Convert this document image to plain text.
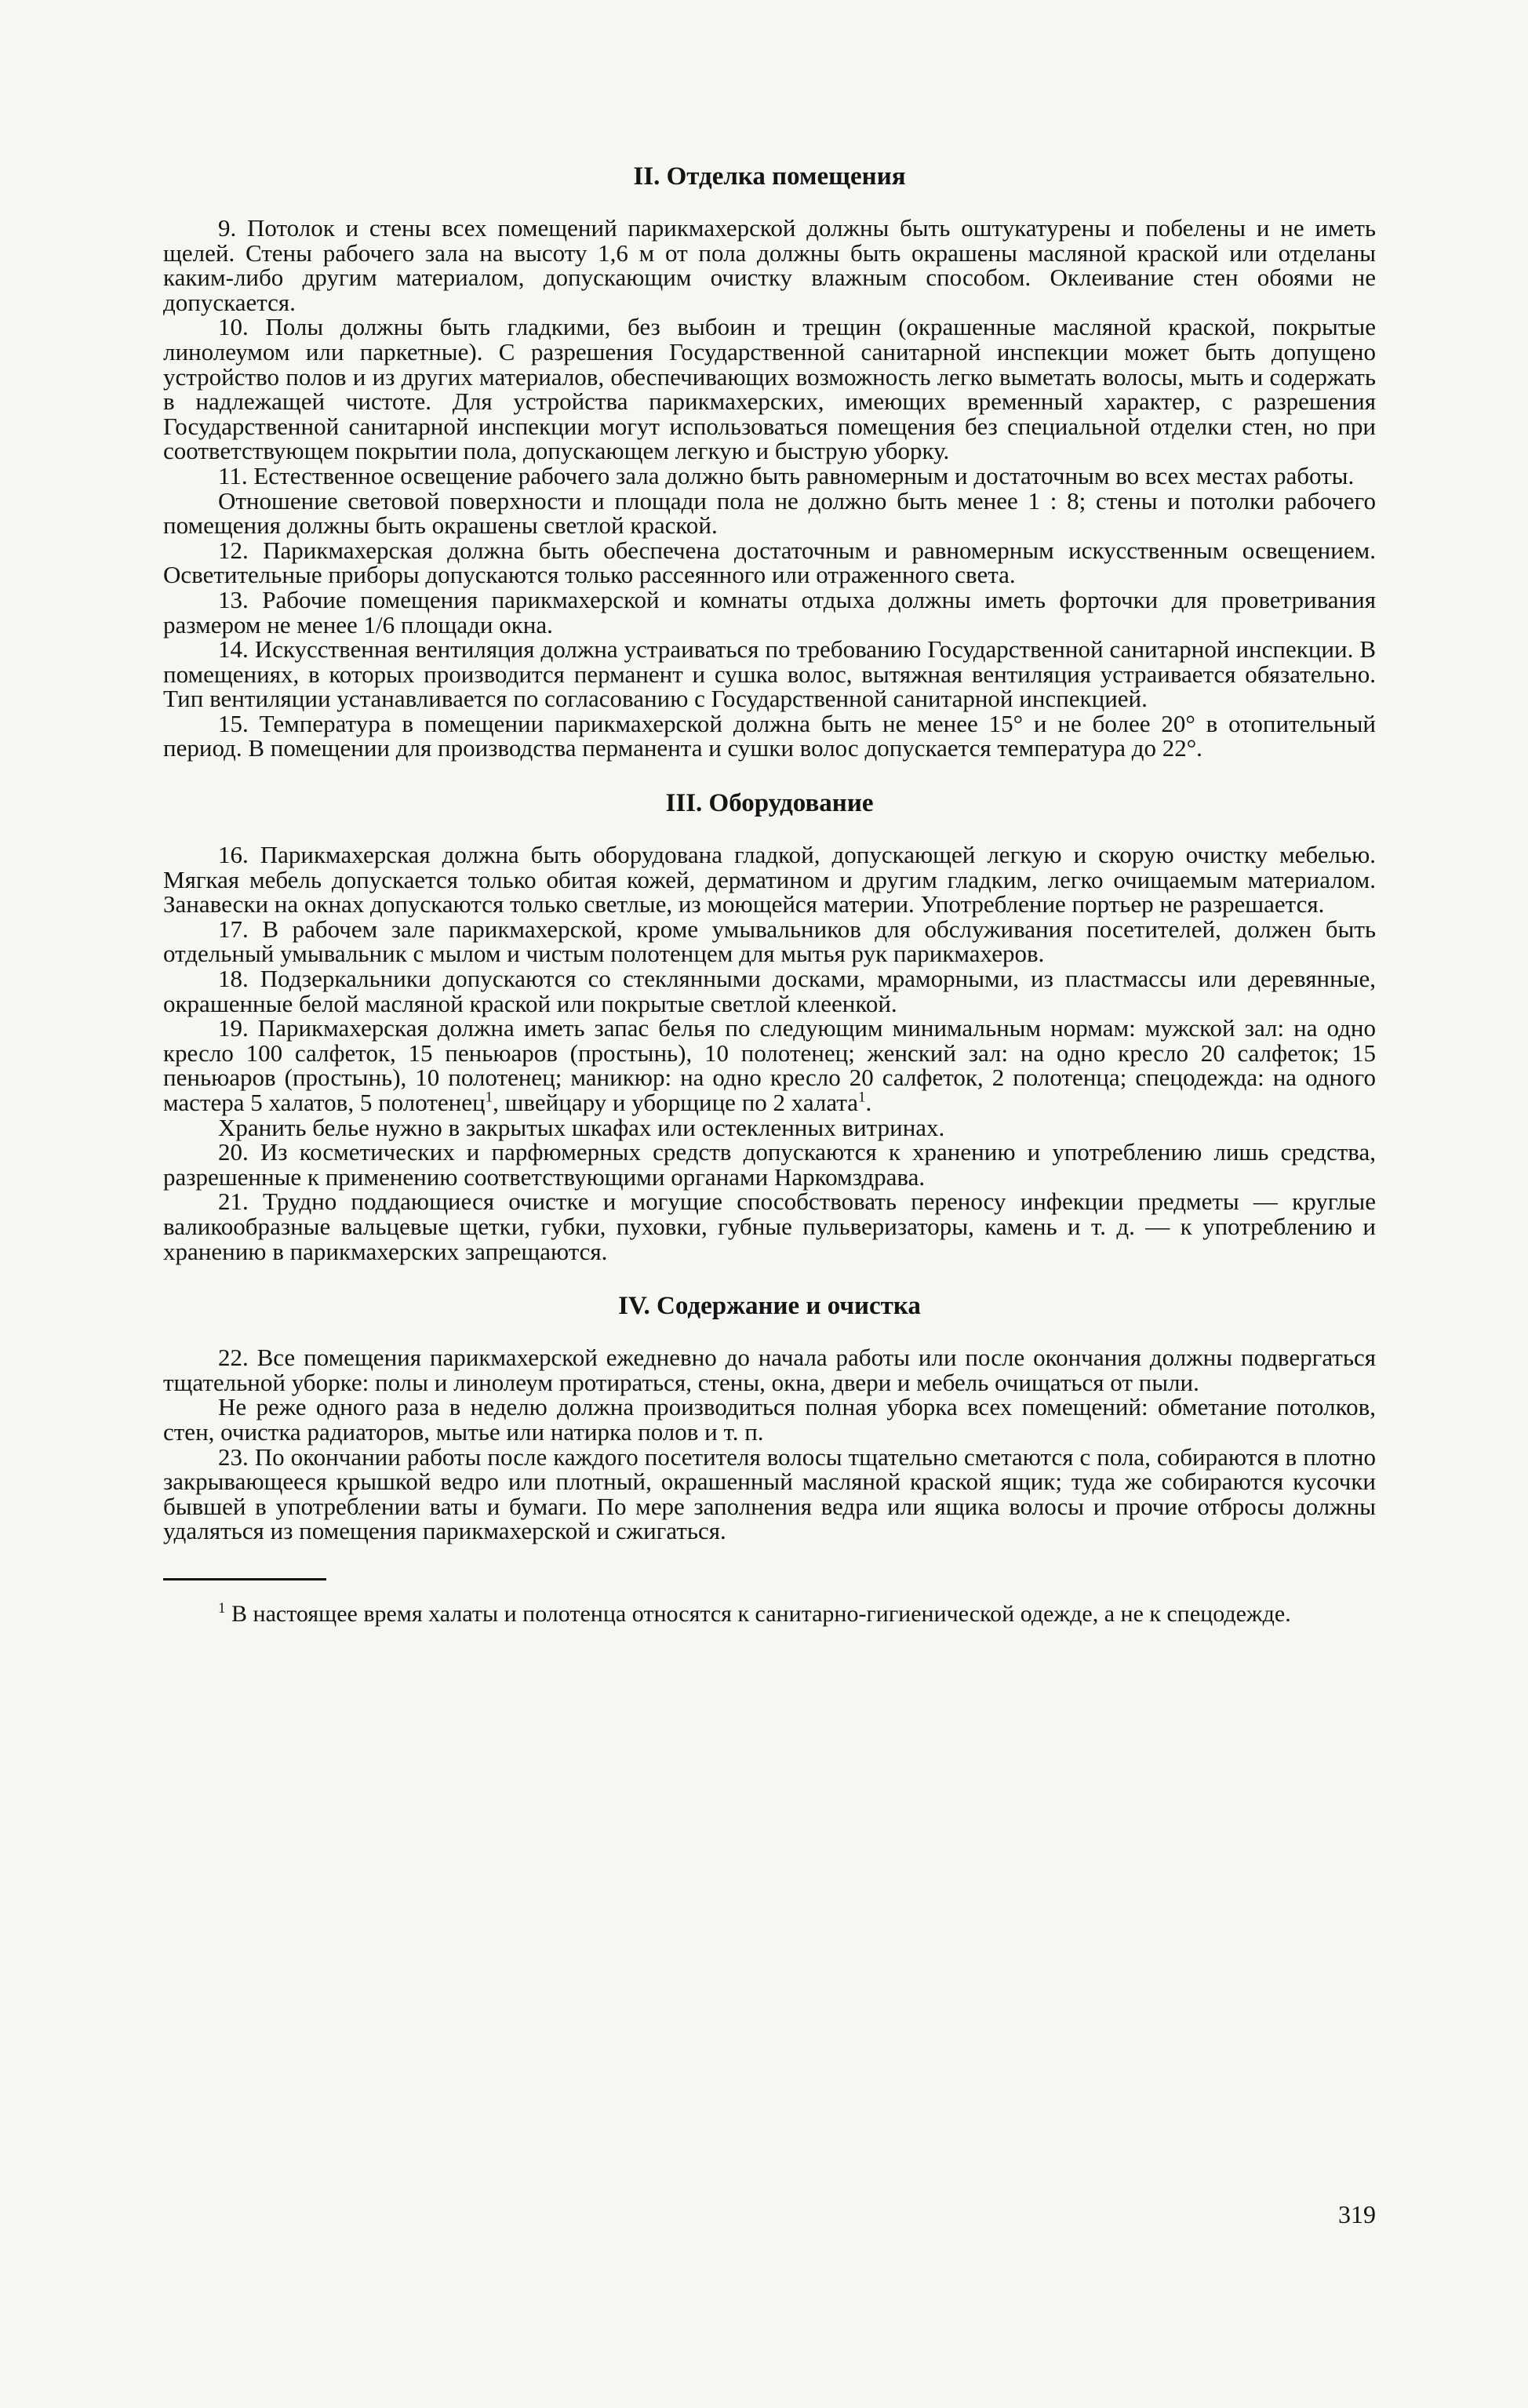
II. Отделка помещения

9. Потолок и стены всех помещений парикмахерской должны быть оштукатурены и побелены и не иметь щелей. Стены рабочего зала на высоту 1,6 м от пола должны быть окрашены масляной краской или отделаны каким-либо другим материалом, допускающим очистку влажным способом. Оклеивание стен обоями не допускается.

10. Полы должны быть гладкими, без выбоин и трещин (окрашенные масляной краской, покрытые линолеумом или паркетные). С разрешения Государственной санитарной инспекции может быть допущено устройство полов и из других материалов, обеспечивающих возможность легко выметать волосы, мыть и содержать в надлежащей чистоте. Для устройства парикмахерских, имеющих временный характер, с разрешения Государственной санитарной инспекции могут использоваться помещения без специальной отделки стен, но при соответствующем покрытии пола, допускающем легкую и быструю уборку.

11. Естественное освещение рабочего зала должно быть равномерным и достаточным во всех местах работы.

Отношение световой поверхности и площади пола не должно быть менее 1 : 8; стены и потолки рабочего помещения должны быть окрашены светлой краской.

12. Парикмахерская должна быть обеспечена достаточным и равномерным искусственным освещением. Осветительные приборы допускаются только рассеянного или отраженного света.

13. Рабочие помещения парикмахерской и комнаты отдыха должны иметь форточки для проветривания размером не менее 1/6 площади окна.

14. Искусственная вентиляция должна устраиваться по требованию Государственной санитарной инспекции. В помещениях, в которых производится перманент и сушка волос, вытяжная вентиляция устраивается обязательно. Тип вентиляции устанавливается по согласованию с Государственной санитарной инспекцией.

15. Температура в помещении парикмахерской должна быть не менее 15° и не более 20° в отопительный период. В помещении для производства перманента и сушки волос допускается температура до 22°.

III. Оборудование

16. Парикмахерская должна быть оборудована гладкой, допускающей легкую и скорую очистку мебелью. Мягкая мебель допускается только обитая кожей, дерматином и другим гладким, легко очищаемым материалом. Занавески на окнах допускаются только светлые, из моющейся материи. Употребление портьер не разрешается.

17. В рабочем зале парикмахерской, кроме умывальников для обслуживания посетителей, должен быть отдельный умывальник с мылом и чистым полотенцем для мытья рук парикмахеров.

18. Подзеркальники допускаются со стеклянными досками, мраморными, из пластмассы или деревянные, окрашенные белой масляной краской или покрытые светлой клеенкой.

19. Парикмахерская должна иметь запас белья по следующим минимальным нормам: мужской зал: на одно кресло 100 салфеток, 15 пеньюаров (простынь), 10 полотенец; женский зал: на одно кресло 20 салфеток; 15 пеньюаров (простынь), 10 полотенец; маникюр: на одно кресло 20 салфеток, 2 полотенца; спецодежда: на одного мастера 5 халатов, 5 полотенец$^1$, швейцару и уборщице по 2 халата$^1$.

Хранить белье нужно в закрытых шкафах или остекленных витринах.

20. Из косметических и парфюмерных средств допускаются к хранению и употреблению лишь средства, разрешенные к применению соответствующими органами Наркомздрава.

21. Трудно поддающиеся очистке и могущие способствовать переносу инфекции предметы — круглые валикообразные вальцевые щетки, губки, пуховки, губные пульверизаторы, камень и т. д. — к употреблению и хранению в парикмахерских запрещаются.

IV. Содержание и очистка

22. Все помещения парикмахерской ежедневно до начала работы или после окончания должны подвергаться тщательной уборке: полы и линолеум протираться, стены, окна, двери и мебель очищаться от пыли.

Не реже одного раза в неделю должна производиться полная уборка всех помещений: обметание потолков, стен, очистка радиаторов, мытье или натирка полов и т. п.

23. По окончании работы после каждого посетителя волосы тщательно сметаются с пола, собираются в плотно закрывающееся крышкой ведро или плотный, окрашенный масляной краской ящик; туда же собираются кусочки бывшей в употреблении ваты и бумаги. По мере заполнения ведра или ящика волосы и прочие отбросы должны удаляться из помещения парикмахерской и сжигаться.

$^1$ В настоящее время халаты и полотенца относятся к санитарно-гигиенической одежде, а не к спецодежде.

319
